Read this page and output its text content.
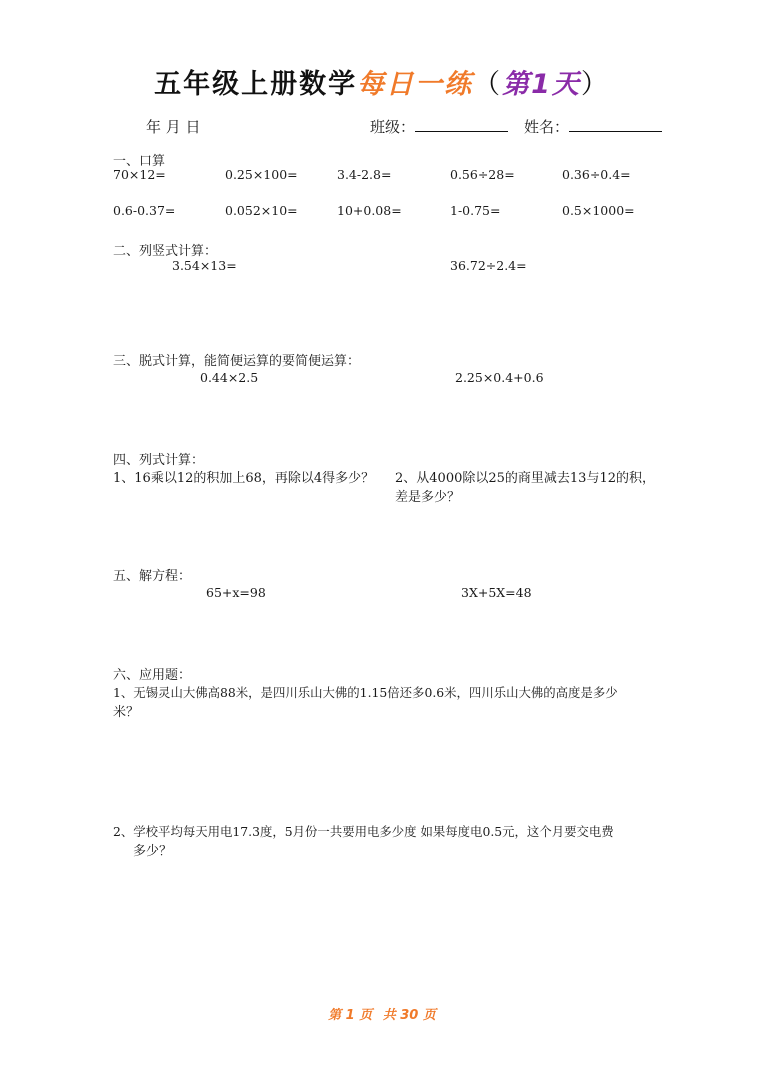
五年级上册数学每日一练（第1天）
年 月 日	班级：	姓名：
一、口算
70×12=	0.25×100=	3.4-2.8=	0.56÷28=	0.36÷0.4=
0.6-0.37=	0.052×10=	10+0.08=	1-0.75=	0.5×1000=
二、列竖式计算：
3.54×13=	36.72÷2.4=
三、脱式计算，能简便运算的要简便运算：
0.44×2.5	2.25×0.4+0.6
四、列式计算：
1、16乘以12的积加上68，再除以4得多少？ 2、从4000除以25的商里减去13与12的积，
差是多少？
五、解方程：
65+x=98	3X+5X=48
六、应用题：
1、无锡灵山大佛高88米，是四川乐山大佛的1.15倍还多0.6米，四川乐山大佛的高度是多少
米？
2、学校平均每天用电17.3度，5月份一共要用电多少度 如果每度电0.5元，这个月要交电费
多少？
第 1 页 共 30 页
